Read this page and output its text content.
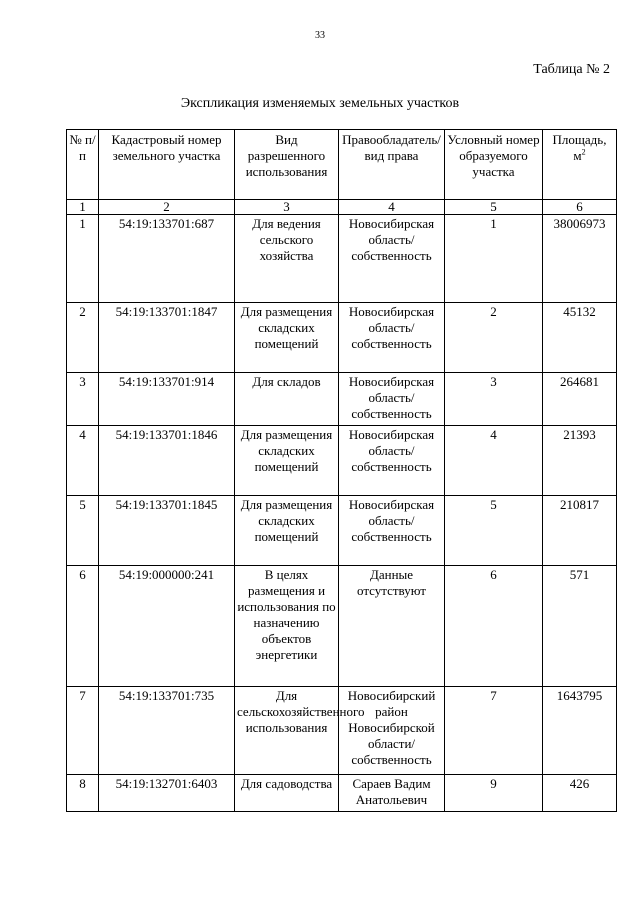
33
Таблица № 2
Экспликация изменяемых земельных участков
№ п/п	Кадастровый номер земельного участка	Вид разрешенного использования	Правообладатель/вид права	Условный номер образуемого участка	Площадь, $м^2$
1	2	3	4	5	6
1	54:19:133701:687	Для ведения сельского хозяйства	Новосибирская область/ собственность	1	38006973
2	54:19:133701:1847	Для размещения складских помещений	Новосибирская область/ собственность	2	45132
3	54:19:133701:914	Для складов	Новосибирская область/ собственность	3	264681
4	54:19:133701:1846	Для размещения складских помещений	Новосибирская область/ собственность	4	21393
5	54:19:133701:1845	Для размещения складских помещений	Новосибирская область/ собственность	5	210817
6	54:19:000000:241	В целях размещения и использования по назначению объектов энергетики	Данные отсутствуют	6	571
7	54:19:133701:735	Для сельскохозяйственного использования	Новосибирский район Новосибирской области/ собственность	7	1643795
8	54:19:132701:6403	Для садоводства	Сараев Вадим Анатольевич	9	426
